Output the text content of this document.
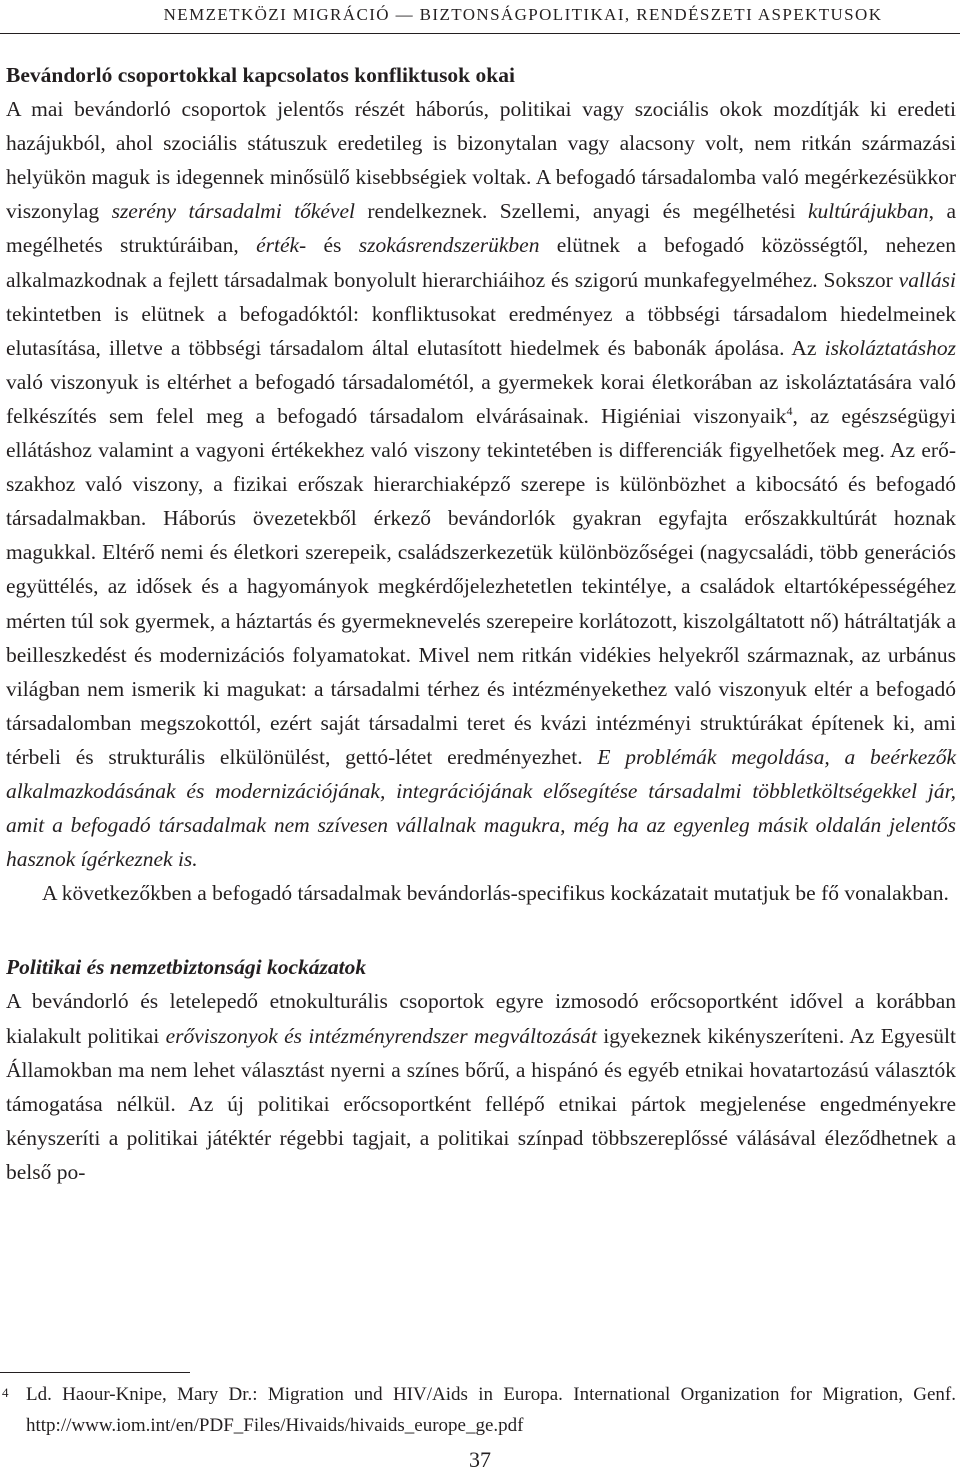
NEMZETKÖZI MIGRÁCIÓ — BIZTONSÁGPOLITIKAI, RENDÉSZETI ASPEKTUSOK
Bevándorló csoportokkal kapcsolatos konfliktusok okai

A mai bevándorló csoportok jelentős részét háborús, politikai vagy szociális okok mozdítják ki eredeti hazájukból, ahol szociális státuszuk eredetileg is bizonytalan vagy alacsony volt, nem ritkán származási helyükön maguk is idegennek minősülő kisebbségiek voltak. A befogadó társadalomba való megérkezésükkor viszonylag szerény társadalmi tőkével rendelkeznek. Szellemi, anyagi és megélhetési kultúrájukban, a megélhetés struktúráiban, érték- és szokásrendszerükben elütnek a befogadó közösségtől, nehezen alkalmazkodnak a fejlett társadalmak bonyolult hierarchiáihoz és szigorú munkafegyelméhez. Sokszor vallási tekintetben is elütnek a befogadóktól: konfliktusokat eredményez a többségi társadalom hiedelmeinek elutasítása, illetve a többségi társadalom által elutasított hiedelmek és babonák ápolása. Az iskoláztatáshoz való viszonyuk is eltérhet a befogadó társadalométól, a gyermekek korai életkorában az iskoláztatására való felkészítés sem felel meg a befogadó társadalom elvárásainak. Higiéniai viszonyaik$^4$, az egészségügyi ellátáshoz valamint a vagyoni értékekhez való viszony tekintetében is differenciák figyelhetőek meg. Az erőszakhoz való viszony, a fizikai erőszak hierarchiaképző szerepe is különbözhet a kibocsátó és befogadó társadalmakban. Háborús övezetekből érkező bevándorlók gyakran egyfajta erőszakkultúrát hoznak magukkal. Eltérő nemi és életkori szerepeik, családszerkezetük különbözőségei (nagycsaládi, több generációs együttélés, az idősek és a hagyományok megkérdőjelezhetetlen tekintélye, a családok eltartóképességéhez mérten túl sok gyermek, a háztartás és gyermeknevelés szerepeire korlátozott, kiszolgáltatott nő) hátráltatják a beilleszkedést és modernizációs folyamatokat. Mivel nem ritkán vidékies helyekről származnak, az urbánus világban nem ismerik ki magukat: a társadalmi térhez és intézményekethez való viszonyuk eltér a befogadó társadalomban megszokottól, ezért saját társadalmi teret és kvázi intézményi struktúrákat építenek ki, ami térbeli és strukturális elkülönülést, gettó-létet eredményezhet. E problémák megoldása, a beérkezők alkalmazkodásának és modernizációjának, integrációjának elősegítése társadalmi többletköltségekkel jár, amit a befogadó társadalmak nem szívesen vállalnak magukra, még ha az egyenleg másik oldalán jelentős hasznok ígérkeznek is.

A következőkben a befogadó társadalmak bevándorlás-specifikus kockázatait mutatjuk be fő vonalakban.

Politikai és nemzetbiztonsági kockázatok

A bevándorló és letelepedő etnokulturális csoportok egyre izmosodó erőcsoportként idővel a korábban kialakult politikai erőviszonyok és intézményrendszer megváltozását igyekeznek kikényszeríteni. Az Egyesült Államokban ma nem lehet választást nyerni a színes bőrű, a hispánó és egyéb etnikai hovatartozású választók támogatása nélkül. Az új politikai erőcsoportként fellépő etnikai pártok megjelenése engedményekre kényszeríti a politikai játéktér régebbi tagjait, a politikai színpad többszereplőssé válásával éleződhetnek a belső po-

4 Ld. Haour-Knipe, Mary Dr.: Migration und HIV/Aids in Europa. International Organization for Migration, Genf. http://www.iom.int/en/PDF_Files/Hivaids/hivaids_europe_ge.pdf
37
